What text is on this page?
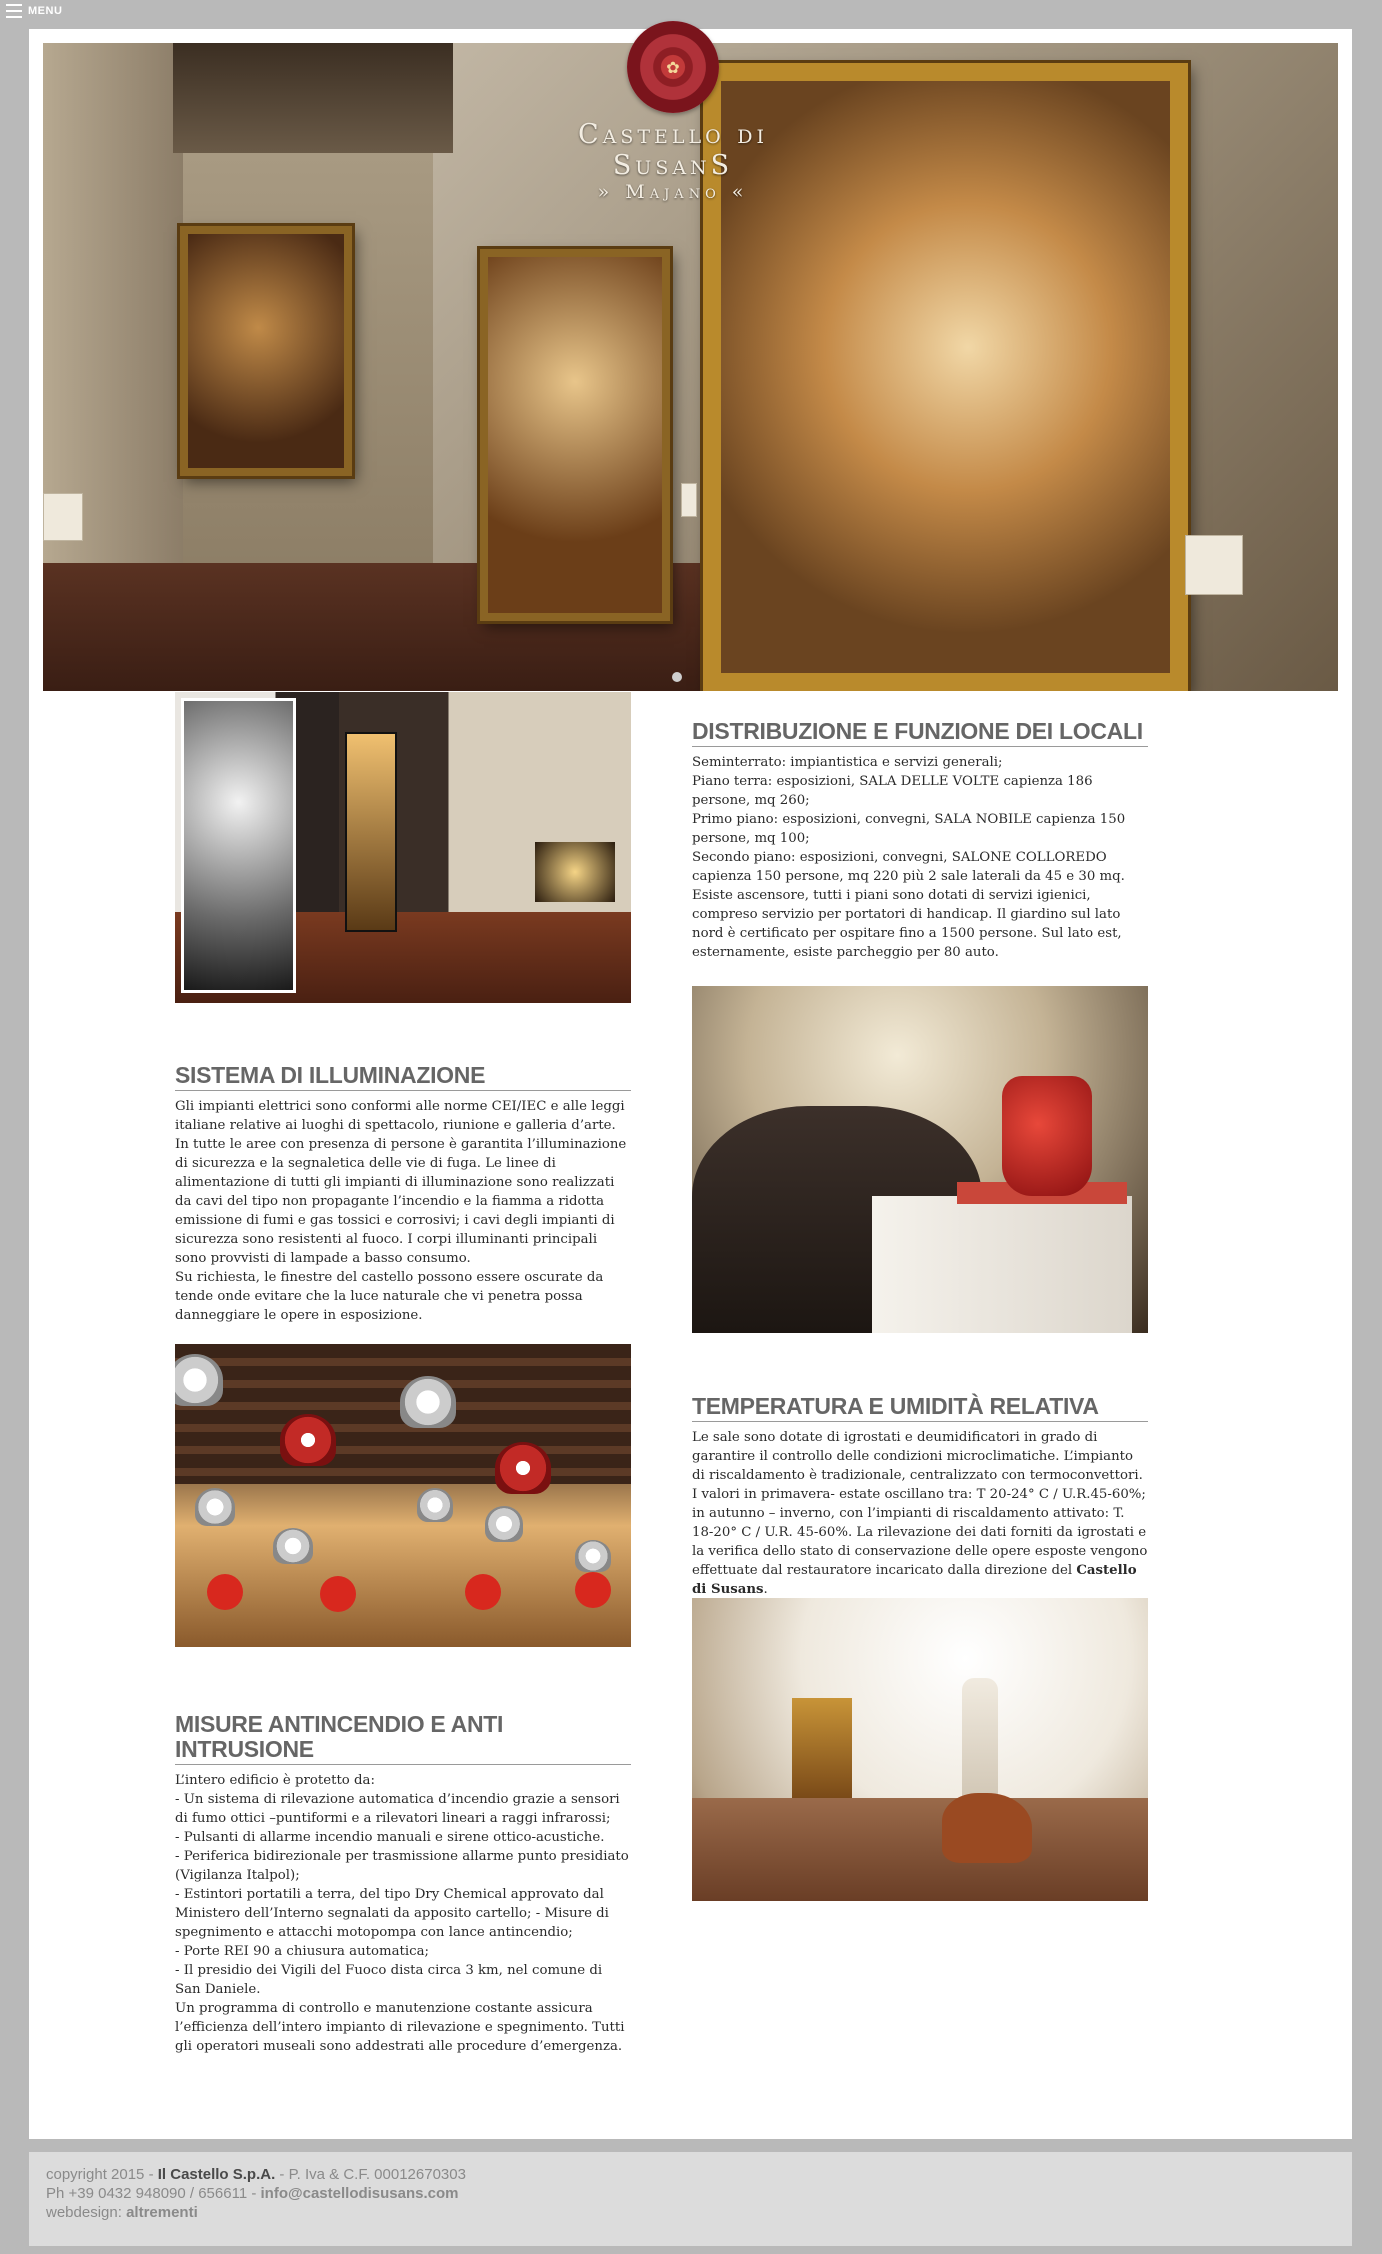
MENU
✿
Castello di SusanS
» Majano «
DISTRIBUZIONE E FUNZIONE DEI LOCALI

Seminterrato: impiantistica e servizi generali;
Piano terra: esposizioni, SALA DELLE VOLTE capienza 186 persone, mq 260;
Primo piano: esposizioni, convegni, SALA NOBILE capienza 150 persone, mq 100;
Secondo piano: esposizioni, convegni, SALONE COLLOREDO capienza 150 persone, mq 220 più 2 sale laterali da 45 e 30 mq. Esiste ascensore, tutti i piani sono dotati di servizi igienici, compreso servizio per portatori di handicap. Il giardino sul lato nord è certificato per ospitare fino a 1500 persone. Sul lato est, esternamente, esiste parcheggio per 80 auto.

SISTEMA DI ILLUMINAZIONE

Gli impianti elettrici sono conformi alle norme CEI/IEC e alle leggi italiane relative ai luoghi di spettacolo, riunione e galleria d’arte. In tutte le aree con presenza di persone è garantita l’illuminazione di sicurezza e la segnaletica delle vie di fuga. Le linee di alimentazione di tutti gli impianti di illuminazione sono realizzati da cavi del tipo non propagante l’incendio e la fiamma a ridotta emissione di fumi e gas tossici e corrosivi; i cavi degli impianti di sicurezza sono resistenti al fuoco. I corpi illuminanti principali sono provvisti di lampade a basso consumo.
Su richiesta, le finestre del castello possono essere oscurate da tende onde evitare che la luce naturale che vi penetra possa danneggiare le opere in esposizione.

TEMPERATURA E UMIDITÀ RELATIVA

Le sale sono dotate di igrostati e deumidificatori in grado di garantire il controllo delle condizioni microclimatiche. L’impianto di riscaldamento è tradizionale, centralizzato con termoconvettori. I valori in primavera- estate oscillano tra: T 20-24° C / U.R.45-60%; in autunno – inverno, con l’impianti di riscaldamento attivato: T. 18-20° C / U.R. 45-60%. La rilevazione dei dati forniti da igrostati e la verifica dello stato di conservazione delle opere esposte vengono effettuate dal restauratore incaricato dalla direzione del Castello di Susans.

MISURE ANTINCENDIO E ANTI INTRUSIONE

L’intero edificio è protetto da:
- Un sistema di rilevazione automatica d’incendio grazie a sensori di fumo ottici –puntiformi e a rilevatori lineari a raggi infrarossi;
- Pulsanti di allarme incendio manuali e sirene ottico-acustiche.
- Periferica bidirezionale per trasmissione allarme punto presidiato (Vigilanza Italpol);
- Estintori portatili a terra, del tipo Dry Chemical approvato dal Ministero dell’Interno segnalati da apposito cartello; - Misure di spegnimento e attacchi motopompa con lance antincendio;
- Porte REI 90 a chiusura automatica;
- Il presidio dei Vigili del Fuoco dista circa 3 km, nel comune di San Daniele.
Un programma di controllo e manutenzione costante assicura l’efficienza dell’intero impianto di rilevazione e spegnimento. Tutti gli operatori museali sono addestrati alle procedure d’emergenza.

copyright 2015 - Il Castello S.p.A. - P. Iva & C.F. 00012670303
Ph +39 0432 948090 / 656611 - info@castellodisusans.com
webdesign: altrementi
